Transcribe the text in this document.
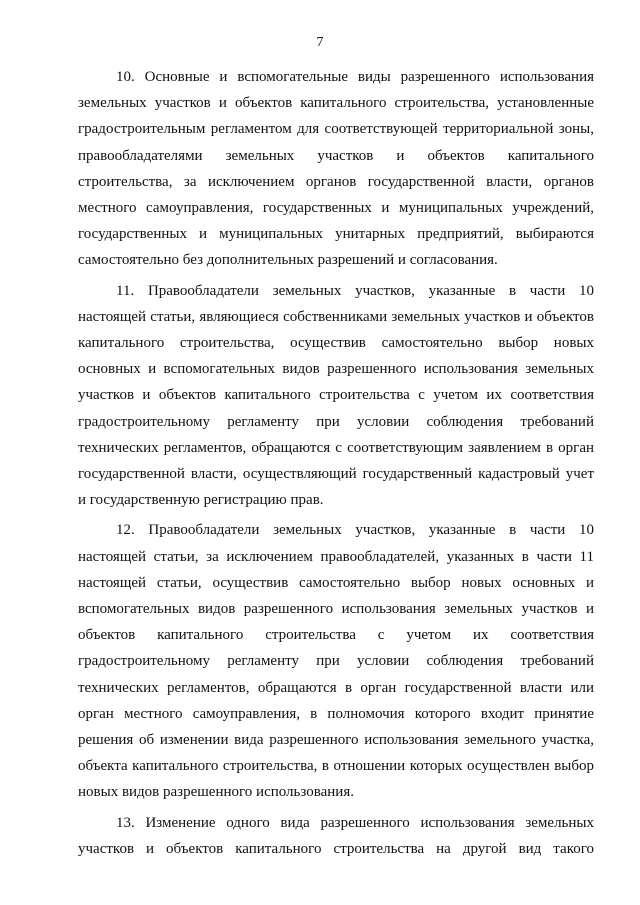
7

10. Основные и вспомогательные виды разрешенного использования
земельных участков и объектов капитального строительства, установленные
градостроительным регламентом для соответствующей территориальной зоны,
правообладателями земельных участков и объектов капитального
строительства, за исключением органов государственной власти, органов
местного самоуправления, государственных и муниципальных учреждений,
государственных и муниципальных унитарных предприятий, выбираются
самостоятельно без дополнительных разрешений и согласования.

11. Правообладатели земельных участков, указанные в части 10
настоящей статьи, являющиеся собственниками земельных участков и объектов
капитального строительства, осуществив самостоятельно выбор новых
основных и вспомогательных видов разрешенного использования земельных
участков и объектов капитального строительства с учетом их соответствия
градостроительному регламенту при условии соблюдения требований
технических регламентов, обращаются с соответствующим заявлением в орган
государственной власти, осуществляющий государственный кадастровый учет
и государственную регистрацию прав.

12. Правообладатели земельных участков, указанные в части 10
настоящей статьи, за исключением правообладателей, указанных в части 11
настоящей статьи, осуществив самостоятельно выбор новых основных и
вспомогательных видов разрешенного использования земельных участков и
объектов капитального строительства с учетом их соответствия
градостроительному регламенту при условии соблюдения требований
технических регламентов, обращаются в орган государственной власти или
орган местного самоуправления, в полномочия которого входит принятие
решения об изменении вида разрешенного использования земельного участка,
объекта капитального строительства, в отношении которых осуществлен выбор
новых видов разрешенного использования.

13. Изменение одного вида разрешенного использования земельных
участков и объектов капитального строительства на другой вид такого
